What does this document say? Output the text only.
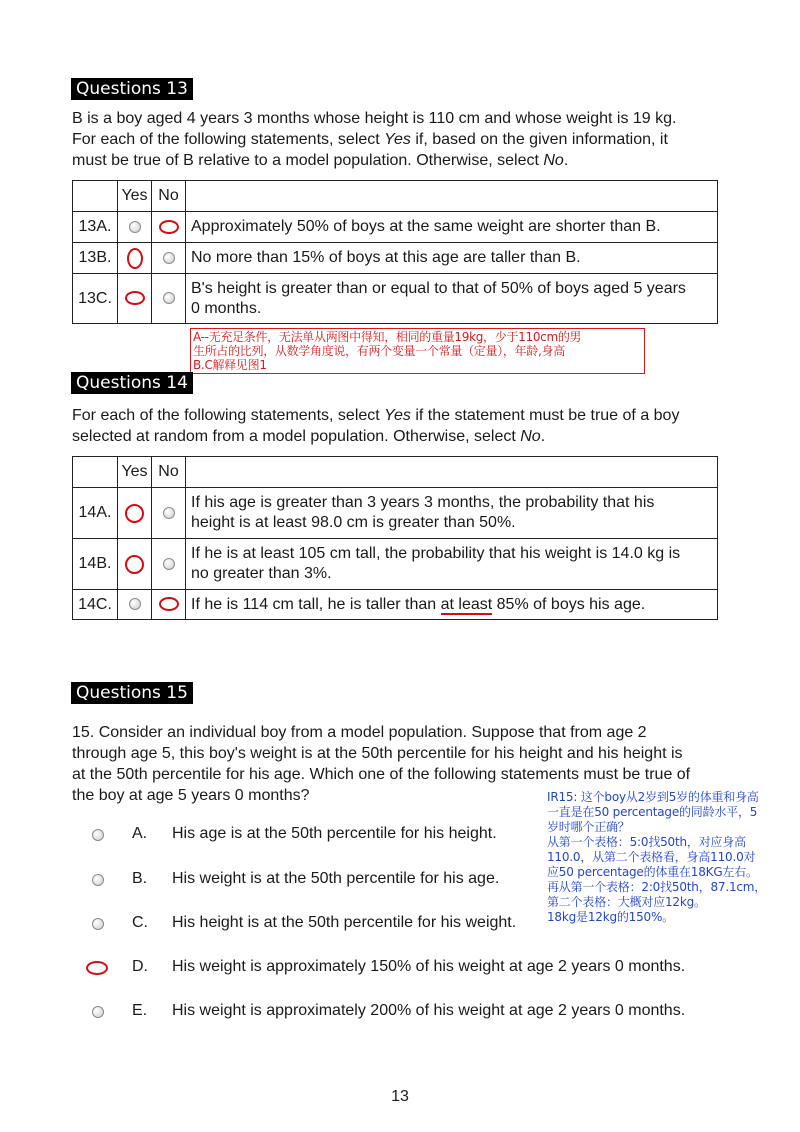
Questions 13

B is a boy aged 4 years 3 months whose height is 110 cm and whose weight is 19 kg.
For each of the following statements, select Yes if, based on the given information, it
must be true of B relative to a model population. Otherwise, select No.

	Yes	No	
13A.			Approximately 50% of boys at the same weight are shorter than B.
13B.			No more than 15% of boys at this age are taller than B.
13C.			B's height is greater than or equal to that of 50% of boys aged 5 years
0 months.
A--无充足条件，无法单从两图中得知，相同的重量19kg，少于110cm的男
生所占的比列，从数学角度说，有两个变量一个常量（定量），年龄,身高
B.C解释见图1
Questions 14

For each of the following statements, select Yes if the statement must be true of a boy
selected at random from a model population. Otherwise, select No.

	Yes	No	
14A.			If his age is greater than 3 years 3 months, the probability that his
height is at least 98.0 cm is greater than 50%.
14B.			If he is at least 105 cm tall, the probability that his weight is 14.0 kg is
no greater than 3%.
14C.			If he is 114 cm tall, he is taller than at least 85% of boys his age.
Questions 15

15. Consider an individual boy from a model population. Suppose that from age 2
through age 5, this boy's weight is at the 50th percentile for his height and his height is
at the 50th percentile for his age. Which one of the following statements must be true of
the boy at age 5 years 0 months?	IR15: 这个boy从2岁到5岁的体重和身高
一直是在50 percentage的同龄水平，5
岁时哪个正确？
从第一个表格：5:0找50th，对应身高
110.0，从第二个表格看，身高110.0对
应50 percentage的体重在18KG左右。
再从第一个表格：2:0找50th，87.1cm，
第二个表格：大概对应12kg。
18kg是12kg的150%。
A. His age is at the 50th percentile for his height.
B. His weight is at the 50th percentile for his age.
C. His height is at the 50th percentile for his weight.
D. His weight is approximately 150% of his weight at age 2 years 0 months.
E. His weight is approximately 200% of his weight at age 2 years 0 months.
13
